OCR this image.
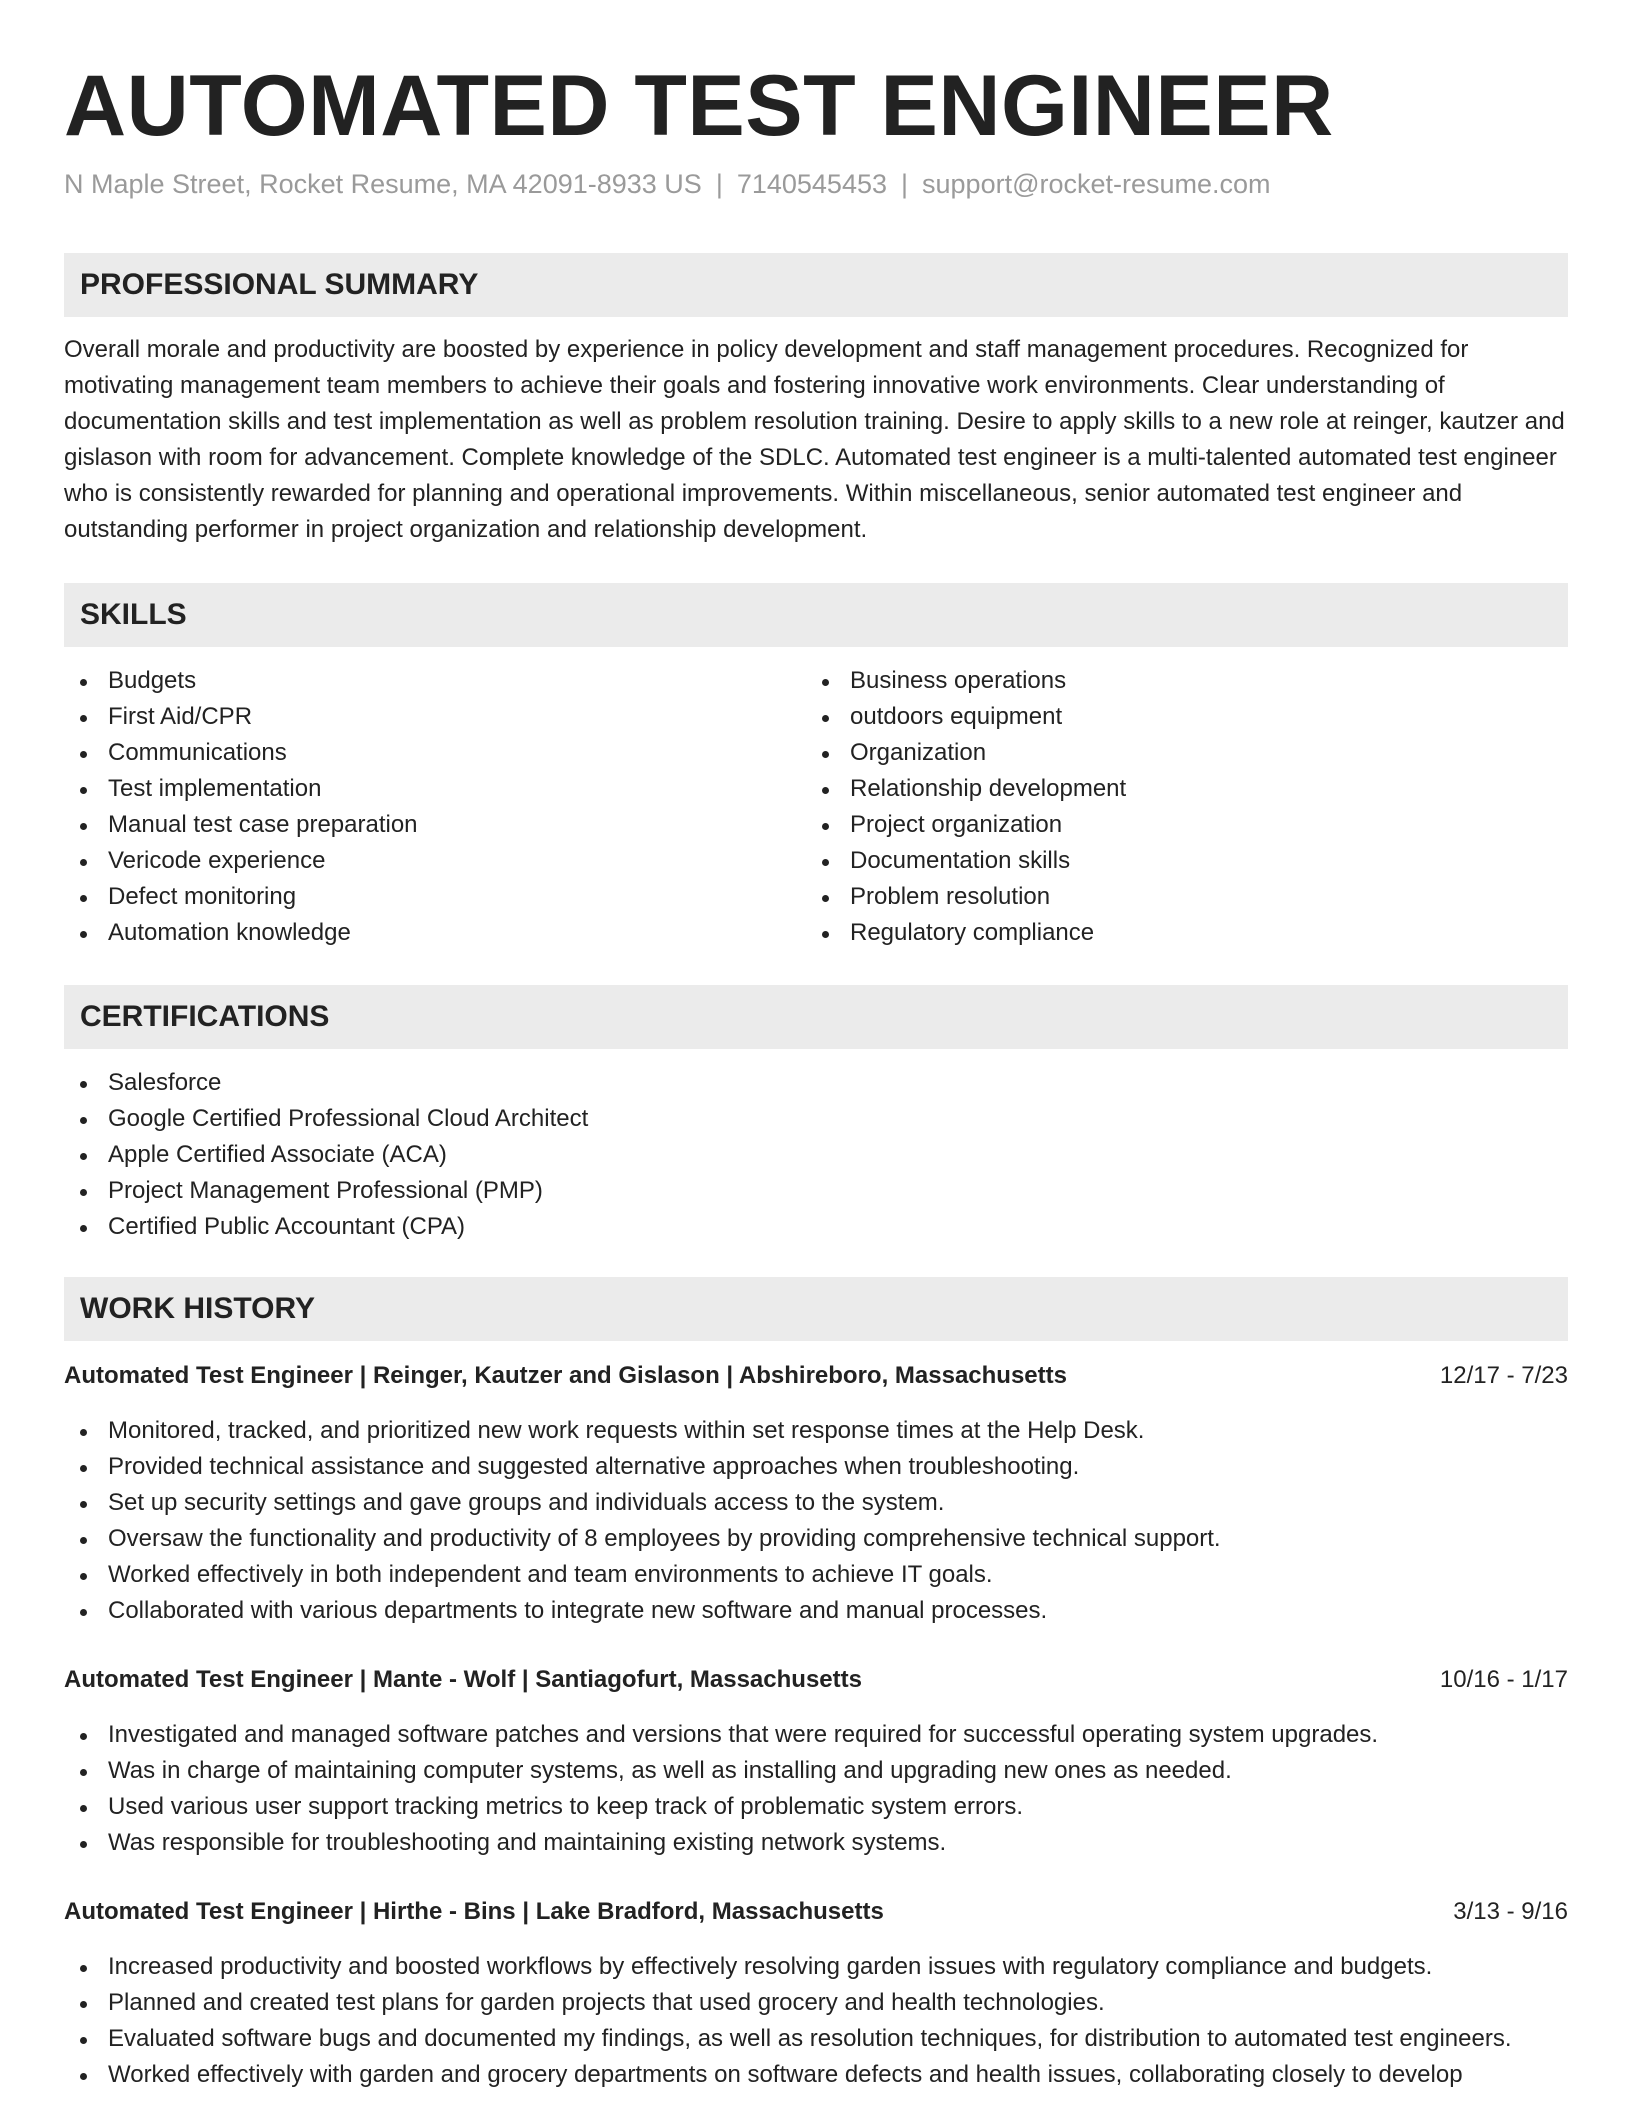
AUTOMATED TEST ENGINEER
N Maple Street, Rocket Resume, MA 42091-8933 US | 7140545453 | support@rocket-resume.com
PROFESSIONAL SUMMARY
Overall morale and productivity are boosted by experience in policy development and staff management procedures. Recognized for motivating management team members to achieve their goals and fostering innovative work environments. Clear understanding of documentation skills and test implementation as well as problem resolution training. Desire to apply skills to a new role at reinger, kautzer and gislason with room for advancement. Complete knowledge of the SDLC. Automated test engineer is a multi-talented automated test engineer who is consistently rewarded for planning and operational improvements. Within miscellaneous, senior automated test engineer and outstanding performer in project organization and relationship development.
SKILLS
Budgets
First Aid/CPR
Communications
Test implementation
Manual test case preparation
Vericode experience
Defect monitoring
Automation knowledge
Business operations
outdoors equipment
Organization
Relationship development
Project organization
Documentation skills
Problem resolution
Regulatory compliance
CERTIFICATIONS
Salesforce
Google Certified Professional Cloud Architect
Apple Certified Associate (ACA)
Project Management Professional (PMP)
Certified Public Accountant (CPA)
WORK HISTORY
Automated Test Engineer | Reinger, Kautzer and Gislason | Abshireboro, Massachusetts	12/17 - 7/23
Monitored, tracked, and prioritized new work requests within set response times at the Help Desk.
Provided technical assistance and suggested alternative approaches when troubleshooting.
Set up security settings and gave groups and individuals access to the system.
Oversaw the functionality and productivity of 8 employees by providing comprehensive technical support.
Worked effectively in both independent and team environments to achieve IT goals.
Collaborated with various departments to integrate new software and manual processes.
Automated Test Engineer | Mante - Wolf | Santiagofurt, Massachusetts	10/16 - 1/17
Investigated and managed software patches and versions that were required for successful operating system upgrades.
Was in charge of maintaining computer systems, as well as installing and upgrading new ones as needed.
Used various user support tracking metrics to keep track of problematic system errors.
Was responsible for troubleshooting and maintaining existing network systems.
Automated Test Engineer | Hirthe - Bins | Lake Bradford, Massachusetts	3/13 - 9/16
Increased productivity and boosted workflows by effectively resolving garden issues with regulatory compliance and budgets.
Planned and created test plans for garden projects that used grocery and health technologies.
Evaluated software bugs and documented my findings, as well as resolution techniques, for distribution to automated test engineers.
Worked effectively with garden and grocery departments on software defects and health issues, collaborating closely to develop
